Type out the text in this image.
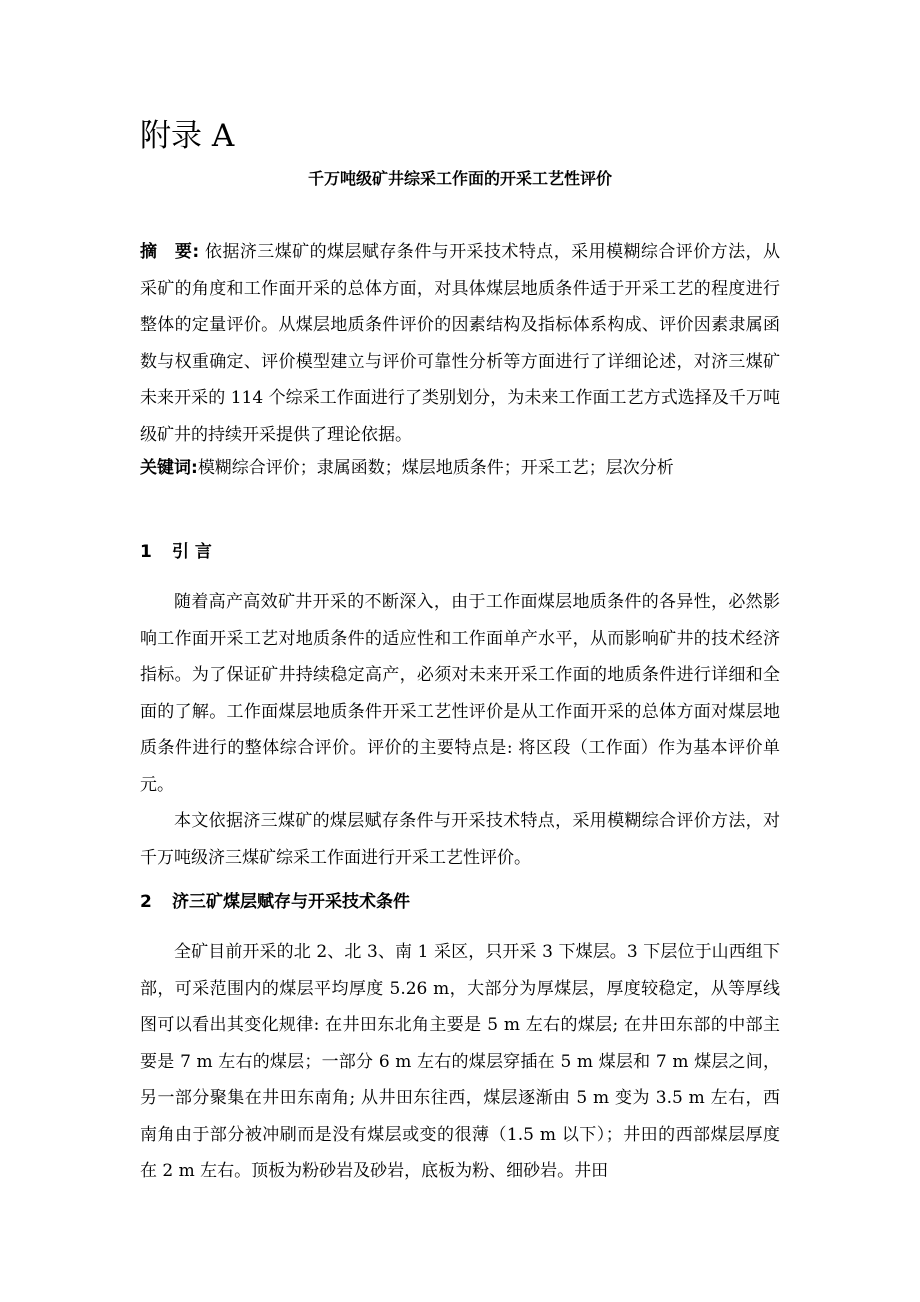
附录 A
千万吨级矿井综采工作面的开采工艺性评价

摘　要: 依据济三煤矿的煤层赋存条件与开采技术特点，采用模糊综合评价方法，从采矿的角度和工作面开采的总体方面，对具体煤层地质条件适于开采工艺的程度进行整体的定量评价。从煤层地质条件评价的因素结构及指标体系构成、评价因素隶属函数与权重确定、评价模型建立与评价可靠性分析等方面进行了详细论述，对济三煤矿未来开采的 114 个综采工作面进行了类别划分，为未来工作面工艺方式选择及千万吨级矿井的持续开采提供了理论依据。

关键词:模糊综合评价；隶属函数；煤层地质条件；开采工艺；层次分析

1 引 言
随着高产高效矿井开采的不断深入，由于工作面煤层地质条件的各异性，必然影响工作面开采工艺对地质条件的适应性和工作面单产水平，从而影响矿井的技术经济指标。为了保证矿井持续稳定高产，必须对未来开采工作面的地质条件进行详细和全面的了解。工作面煤层地质条件开采工艺性评价是从工作面开采的总体方面对煤层地质条件进行的整体综合评价。评价的主要特点是: 将区段（工作面）作为基本评价单元。
本文依据济三煤矿的煤层赋存条件与开采技术特点，采用模糊综合评价方法，对千万吨级济三煤矿综采工作面进行开采工艺性评价。
2 济三矿煤层赋存与开采技术条件
全矿目前开采的北 2、北 3、南 1 采区，只开采 3 下煤层。3 下层位于山西组下部，可采范围内的煤层平均厚度 5.26 m，大部分为厚煤层，厚度较稳定，从等厚线图可以看出其变化规律: 在井田东北角主要是 5 m 左右的煤层; 在井田东部的中部主要是 7 m 左右的煤层；一部分 6 m 左右的煤层穿插在 5 m 煤层和 7 m 煤层之间，另一部分聚集在井田东南角; 从井田东往西，煤层逐渐由 5 m 变为 3.5 m 左右，西南角由于部分被冲刷而是没有煤层或变的很薄（1.5 m 以下）；井田的西部煤层厚度在 2 m 左右。顶板为粉砂岩及砂岩，底板为粉、细砂岩。井田
